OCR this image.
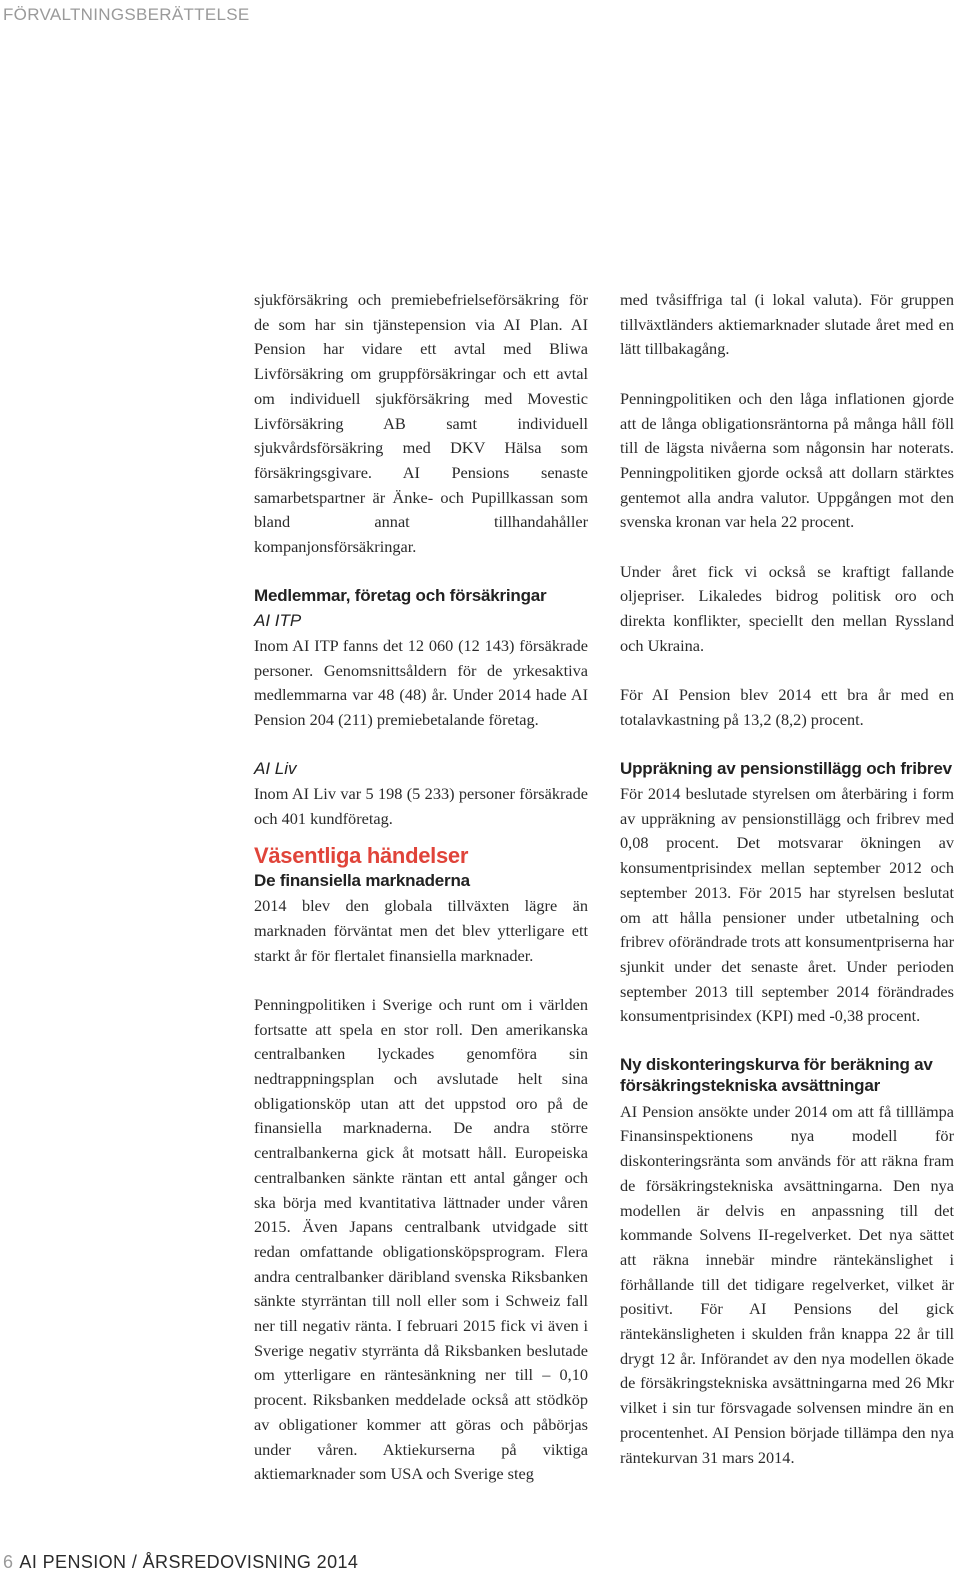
FÖRVALTNINGSBERÄTTELSE

sjukförsäkring och premiebefrielseförsäkring för de som har sin tjänstepension via AI Plan. AI Pension har vidare ett avtal med Bliwa Livförsäkring om gruppförsäkringar och ett avtal om individuell sjukförsäkring med Movestic Livförsäkring AB samt individuell sjukvårdsförsäkring med DKV Hälsa som försäkringsgivare. AI Pensions senaste samarbetspartner är Änke- och Pupillkassan som bland annat tillhandahåller kompanjonsförsäkringar.

Medlemmar, företag och försäkringar
AI ITP

Inom AI ITP fanns det 12 060 (12 143) försäkrade personer. Genomsnittsåldern för de yrkesaktiva medlemmarna var 48 (48) år. Under 2014 hade AI Pension 204 (211) premiebetalande företag.

AI Liv

Inom AI Liv var 5 198 (5 233) personer försäkrade och 401 kundföretag.

Väsentliga händelser
De finansiella marknaderna

2014 blev den globala tillväxten lägre än marknaden förväntat men det blev ytterligare ett starkt år för flertalet finansiella marknader.

Penningpolitiken i Sverige och runt om i världen fortsatte att spela en stor roll. Den amerikanska centralbanken lyckades genomföra sin nedtrappningsplan och avslutade helt sina obligationsköp utan att det uppstod oro på de finansiella marknaderna. De andra större centralbankerna gick åt motsatt håll. Europeiska centralbanken sänkte räntan ett antal gånger och ska börja med kvantitativa lättnader under våren 2015. Även Japans centralbank utvidgade sitt redan omfattande obligationsköpsprogram. Flera andra centralbanker däribland svenska Riksbanken sänkte styrräntan till noll eller som i Schweiz fall ner till negativ ränta. I februari 2015 fick vi även i Sverige negativ styrränta då Riksbanken beslutade om ytterligare en räntesänkning ner till – 0,10 procent. Riksbanken meddelade också att stödköp av obligationer kommer att göras och påbörjas under våren. Aktiekurserna på viktiga aktiemarknader som USA och Sverige steg

med tvåsiffriga tal (i lokal valuta). För gruppen tillväxtländers aktiemarknader slutade året med en lätt tillbakagång.

Penningpolitiken och den låga inflationen gjorde att de långa obligationsräntorna på många håll föll till de lägsta nivåerna som någonsin har noterats. Penningpolitiken gjorde också att dollarn stärktes gentemot alla andra valutor. Uppgången mot den svenska kronan var hela 22 procent.

Under året fick vi också se kraftigt fallande oljepriser. Likaledes bidrog politisk oro och direkta konflikter, speciellt den mellan Ryssland och Ukraina.

För AI Pension blev 2014 ett bra år med en totalavkastning på 13,2 (8,2) procent.

Uppräkning av pensionstillägg och fribrev

För 2014 beslutade styrelsen om återbäring i form av uppräkning av pensionstillägg och fribrev med 0,08 procent. Det motsvarar ökningen av konsumentprisindex mellan september 2012 och september 2013. För 2015 har styrelsen beslutat om att hålla pensioner under utbetalning och fribrev oförändrade trots att konsumentpriserna har sjunkit under det senaste året. Under perioden september 2013 till september 2014 förändrades konsumentprisindex (KPI) med -0,38 procent.

Ny diskonteringskurva för beräkning av försäkringstekniska avsättningar

AI Pension ansökte under 2014 om att få tilllämpa Finansinspektionens nya modell för diskonteringsränta som används för att räkna fram de försäkringstekniska avsättningarna. Den nya modellen är delvis en anpassning till det kommande Solvens II-regelverket. Det nya sättet att räkna innebär mindre räntekänslighet i förhållande till det tidigare regelverket, vilket är positivt. För AI Pensions del gick räntekänsligheten i skulden från knappa 22 år till drygt 12 år. Införandet av den nya modellen ökade de försäkringstekniska avsättningarna med 26 Mkr vilket i sin tur försvagade solvensen mindre än en procentenhet. AI Pension började tillämpa den nya räntekurvan 31 mars 2014.

6 AI PENSION / ÅRSREDOVISNING 2014
